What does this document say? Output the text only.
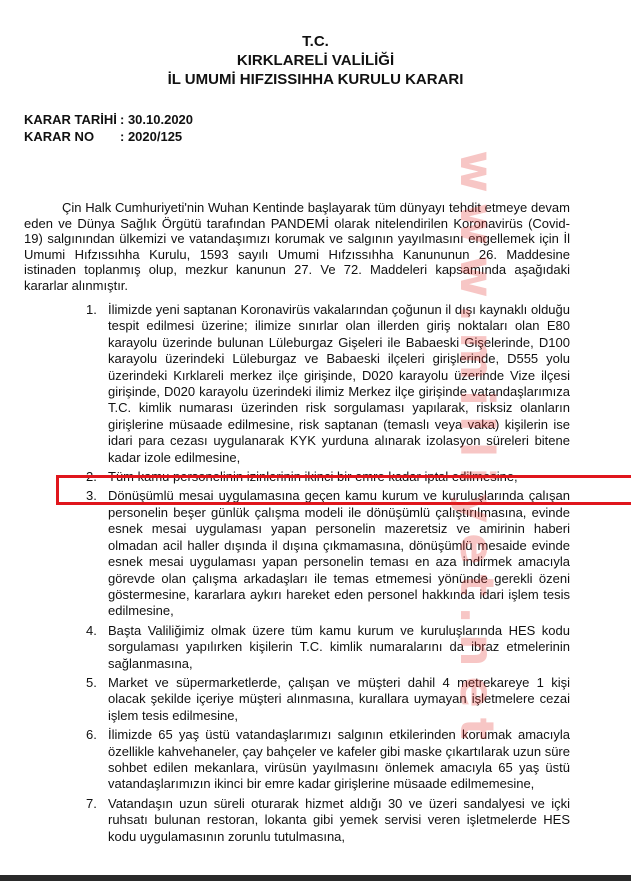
T.C.
KIRKLARELİ VALİLİĞİ
İL UMUMİ HIFZISSIHHA KURULU KARARI
KARAR TARİHİ : 30.10.2020
KARAR NO : 2020/125
Çin Halk Cumhuriyeti'nin Wuhan Kentinde başlayarak tüm dünyayı tehdit etmeye devam eden ve Dünya Sağlık Örgütü tarafından PANDEMİ olarak nitelendirilen Koronavirüs (Covid-19) salgınından ülkemizi ve vatandaşımızı korumak ve salgının yayılmasını engellemek için İl Umumi Hıfzıssıhha Kurulu, 1593 sayılı Umumi Hıfzıssıhha Kanununun 26. Maddesine istinaden toplanmış olup, mezkur kanunun 27. Ve 72. Maddeleri kapsamında aşağıdaki kararlar alınmıştır.
1. İlimizde yeni saptanan Koronavirüs vakalarından çoğunun il dışı kaynaklı olduğu tespit edilmesi üzerine; ilimize sınırlar olan illerden giriş noktaları olan E80 karayolu üzerinde bulunan Lüleburgaz Gişeleri ile Babaeski Gişelerinde, D100 karayolu üzerindeki Lüleburgaz ve Babaeski ilçeleri girişlerinde, D555 yolu üzerindeki Kırklareli merkez ilçe girişinde, D020 karayolu üzerinde Vize ilçesi girişinde, D020 karayolu üzerindeki ilimiz Merkez ilçe girişinde vatandaşlarımıza T.C. kimlik numarası üzerinden risk sorgulaması yapılarak, risksiz olanların girişlerine müsaade edilmesine, risk saptanan (temaslı veya vaka) kişilerin ise idari para cezası uygulanarak KYK yurduna alınarak izolasyon süreleri bitene kadar izole edilmesine,
2. Tüm kamu personelinin izinlerinin ikinci bir emre kadar iptal edilmesine,
3. Dönüşümlü mesai uygulamasına geçen kamu kurum ve kuruluşlarında çalışan personelin beşer günlük çalışma modeli ile dönüşümlü çalıştırılmasına, evinde esnek mesai uygulaması yapan personelin mazeretsiz ve amirinin haberi olmadan acil haller dışında il dışına çıkmamasına, dönüşümlü mesaide evinde esnek mesai uygulaması yapan personelin teması en aza indirmek amacıyla görevde olan çalışma arkadaşları ile temas etmemesi yönünde gerekli özeni göstermesine, kararlara aykırı hareket eden personel hakkında idari işlem tesis edilmesine,
4. Başta Valiliğimiz olmak üzere tüm kamu kurum ve kuruluşlarında HES kodu sorgulaması yapılırken kişilerin T.C. kimlik numaralarını da ibraz etmelerinin sağlanmasına,
5. Market ve süpermarketlerde, çalışan ve müşteri dahil 4 metrekareye 1 kişi olacak şekilde içeriye müşteri alınmasına, kurallara uymayan işletmelere cezai işlem tesis edilmesine,
6. İlimizde 65 yaş üstü vatandaşlarımızı salgının etkilerinden korumak amacıyla özellikle kahvehaneler, çay bahçeler ve kafeler gibi maske çıkartılarak uzun süre sohbet edilen mekanlara, virüsün yayılmasını önlemek amacıyla 65 yaş üstü vatandaşlarımızın ikinci bir emre kadar girişlerine müsaade edilmemesine,
7. Vatandaşın uzun süreli oturarak hizmet aldığı 30 ve üzeri sandalyesi ve içki ruhsatı bulunan restoran, lokanta gibi yemek servisi veren işletmelerde HES kodu uygulamasının zorunlu tutulmasına,
www.milliyet.net
